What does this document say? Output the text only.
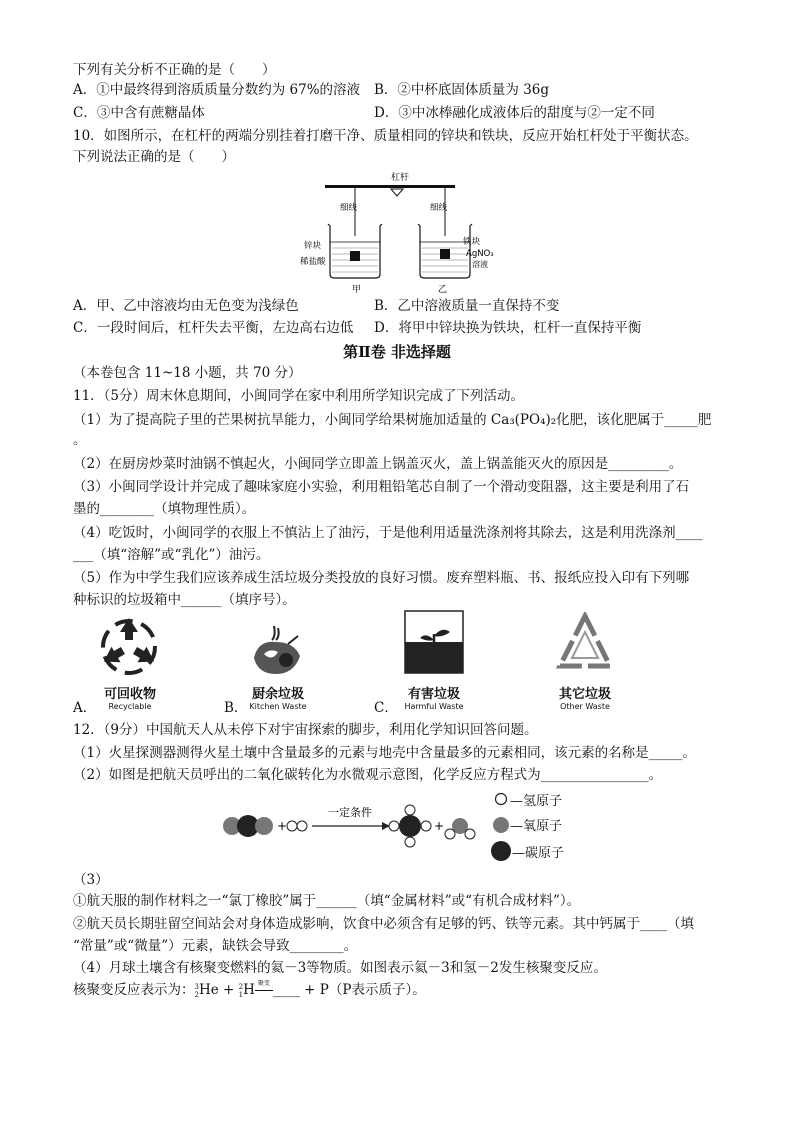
下列有关分析不正确的是（　　）
A．①中最终得到溶质质量分数约为 67%的溶液 B．②中杯底固体质量为 36g
C．③中含有蔗糖晶体	D．③中冰棒融化成液体后的甜度与②一定不同
10．如图所示，在杠杆的两端分别挂着打磨干净、质量相同的锌块和铁块，反应开始杠杆处于平衡状态。
下列说法正确的是（　　）
杠杆
细线	细线
锌块
稀盐酸
甲
铁块
AgNO₃
溶液
乙
A．甲、乙中溶液均由无色变为浅绿色	B．乙中溶液质量一直保持不变
C．一段时间后，杠杆失去平衡，左边高右边低 D．将甲中锌块换为铁块，杠杆一直保持平衡
第Ⅱ卷 非选择题
（本卷包含 11~18 小题，共 70 分）
11．（5分）周末休息期间，小闽同学在家中利用所学知识完成了下列活动。
（1）为了提高院子里的芒果树抗旱能力，小闽同学给果树施加适量的 Ca₃(PO₄)₂化肥，该化肥属于_____肥
。
（2）在厨房炒菜时油锅不慎起火，小闽同学立即盖上锅盖灭火，盖上锅盖能灭火的原因是_________。
（3）小闽同学设计并完成了趣味家庭小实验，利用粗铅笔芯自制了一个滑动变阻器，这主要是利用了石
墨的________（填物理性质）。
（4）吃饭时，小闽同学的衣服上不慎沾上了油污，于是他利用适量洗涤剂将其除去，这是利用洗涤剂____
___（填“溶解”或“乳化”）油污。
（5）作为中学生我们应该养成生活垃圾分类投放的良好习惯。废弃塑料瓶、书、报纸应投入印有下列哪
种标识的垃圾箱中______（填序号）。
A．
可回收物
Recyclable	B．
厨余垃圾
Kitchen Waste	C．
有害垃圾
Harmful Waste
其它垃圾
Other Waste
12．（9分）中国航天人从未停下对宇宙探索的脚步，利用化学知识回答问题。
（1）火星探测器测得火星土壤中含量最多的元素与地壳中含量最多的元素相同，该元素的名称是_____。
（2）如图是把航天员呼出的二氧化碳转化为水微观示意图，化学反应方程式为________________。
+
一定条件
+
—氢原子
—氧原子
—碳原子
（3）
①航天服的制作材料之一“氯丁橡胶”属于______（填“金属材料”或“有机合成材料”）。
②航天员长期驻留空间站会对身体造成影响，饮食中必须含有足够的钙、铁等元素。其中钙属于____（填
“常量”或“微量”）元素，缺铁会导致________。
（4）月球土壤含有核聚变燃料的氦－3等物质。如图表示氦－3和氢－2发生核聚变反应。
核聚变反应表示为： 3
2 He + 2
1 H 聚变 ____ + P（P表示质子）。
